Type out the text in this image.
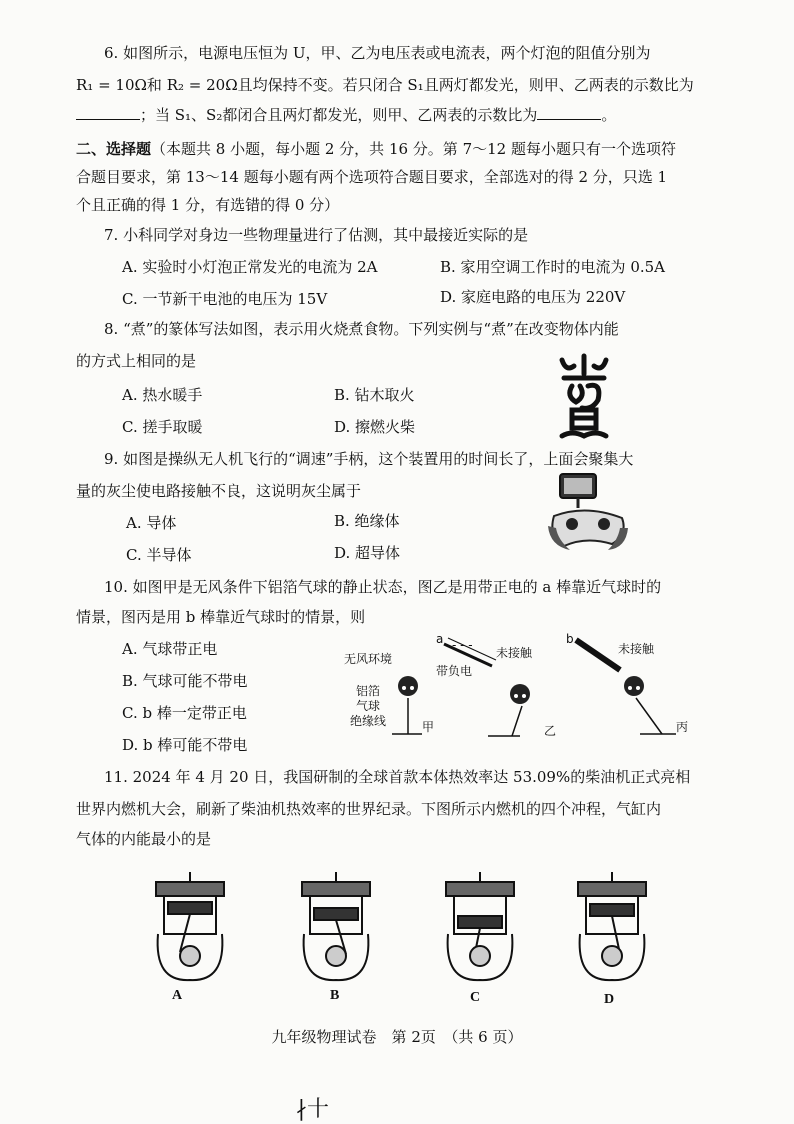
6. 如图所示，电源电压恒为 U，甲、乙为电压表或电流表，两个灯泡的阻值分别为
R₁ = 10Ω和 R₂ = 20Ω且均保持不变。若只闭合 S₁且两灯都发光，则甲、乙两表的示数比为
；当 S₁、S₂都闭合且两灯都发光，则甲、乙两表的示数比为	。
二、选择题（本题共 8 小题，每小题 2 分，共 16 分。第 7～12 题每小题只有一个选项符
合题目要求，第 13～14 题每小题有两个选项符合题目要求，全部选对的得 2 分，只选 1
个且正确的得 1 分，有选错的得 0 分）
7. 小科同学对身边一些物理量进行了估测，其中最接近实际的是
A. 实验时小灯泡正常发光的电流为 2A	B. 家用空调工作时的电流为 0.5A
C. 一节新干电池的电压为 15V	D. 家庭电路的电压为 220V
8. “煮”的篆体写法如图，表示用火烧煮食物。下列实例与“煮”在改变物体内能
的方式上相同的是
A. 热水暖手	B. 钻木取火
C. 搓手取暖	D. 擦燃火柴
9. 如图是操纵无人机飞行的“调速”手柄，这个装置用的时间长了，上面会聚集大
量的灰尘使电路接触不良，这说明灰尘属于
A. 导体	B. 绝缘体
C. 半导体	D. 超导体
10. 如图甲是无风条件下铝箔气球的静止状态，图乙是用带正电的 a 棒靠近气球时的
情景，图丙是用 b 棒靠近气球时的情景，则
A. 气球带正电
B. 气球可能不带电
C. b 棒一定带正电
D. b 棒可能不带电
无风环境
铝箔
气球
绝缘线	甲
a - - -
带负电
未接触
乙
b
未接触
丙
11. 2024 年 4 月 20 日，我国研制的全球首款本体热效率达 53.09%的柴油机正式亮相
世界内燃机大会，刷新了柴油机热效率的世界纪录。下图所示内燃机的四个冲程，气缸内
气体的内能最小的是
A	B	C	D
九年级物理试卷　第 2页　（共 6 页）
∤十
